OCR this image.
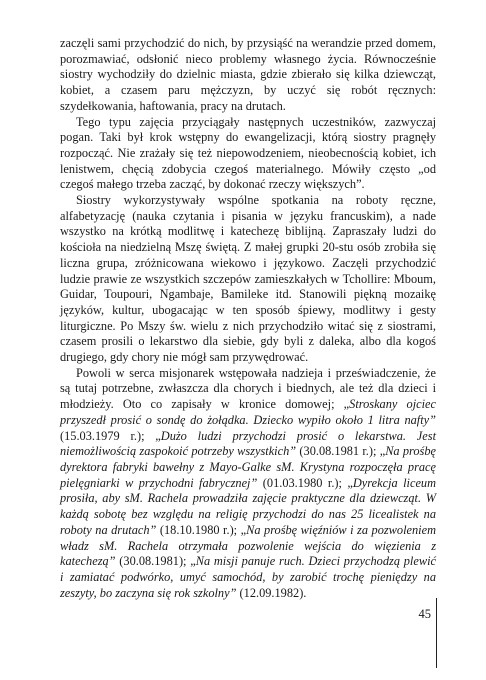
zaczęli sami przychodzić do nich, by przysiąść na werandzie przed domem, porozmawiać, odsłonić nieco problemy własnego życia. Równocześnie siostry wychodziły do dzielnic miasta, gdzie zbierało się kilka dziewcząt, kobiet, a czasem paru mężczyzn, by uczyć się robót ręcznych: szydełkowania, haftowania, pracy na drutach.

Tego typu zajęcia przyciągały następnych uczestników, zazwyczaj pogan. Taki był krok wstępny do ewangelizacji, którą siostry pragnęły rozpocząć. Nie zrażały się też niepowodzeniem, nieobecnością kobiet, ich lenistwem, chęcią zdobycia czegoś materialnego. Mówiły często „od czegoś małego trzeba zacząć, by dokonać rzeczy większych”.

Siostry wykorzystywały wspólne spotkania na roboty ręczne, alfabetyzację (nauka czytania i pisania w języku francuskim), a nade wszystko na krótką modlitwę i katechezę biblijną. Zapraszały ludzi do kościoła na niedzielną Mszę świętą. Z małej grupki 20-stu osób zrobiła się liczna grupa, zróżnicowana wiekowo i językowo. Zaczęli przychodzić ludzie prawie ze wszystkich szczepów zamieszkałych w Tchollire: Mboum, Guidar, Toupouri, Ngambaje, Bamileke itd. Stanowili piękną mozaikę języków, kultur, ubogacając w ten sposób śpiewy, modlitwy i gesty liturgiczne. Po Mszy św. wielu z nich przychodziło witać się z siostrami, czasem prosili o lekarstwo dla siebie, gdy byli z daleka, albo dla kogoś drugiego, gdy chory nie mógł sam przywędrować.

Powoli w serca misjonarek wstępowała nadzieja i przeświadczenie, że są tutaj potrzebne, zwłaszcza dla chorych i biednych, ale też dla dzieci i młodzieży. Oto co zapisały w kronice domowej; „Stroskany ojciec przyszedł prosić o sondę do żołądka. Dziecko wypiło około 1 litra nafty” (15.03.1979 r.); „Dużo ludzi przychodzi prosić o lekarstwa. Jest niemożliwością zaspokoić potrzeby wszystkich” (30.08.1981 r.); „Na prośbę dyrektora fabryki bawełny z Mayo-Galke sM. Krystyna rozpoczęła pracę pielęgniarki w przychodni fabrycznej” (01.03.1980 r.); „Dyrekcja liceum prosiła, aby sM. Rachela prowadziła zajęcie praktyczne dla dziewcząt. W każdą sobotę bez względu na religię przychodzi do nas 25 licealistek na roboty na drutach” (18.10.1980 r.); „Na prośbę więźniów i za pozwoleniem władz sM. Rachela otrzymała pozwolenie wejścia do więzienia z katechezą” (30.08.1981); „Na misji panuje ruch. Dzieci przychodzą plewić i zamiatać podwórko, umyć samochód, by zarobić trochę pieniędzy na zeszyty, bo zaczyna się rok szkolny” (12.09.1982).

45
